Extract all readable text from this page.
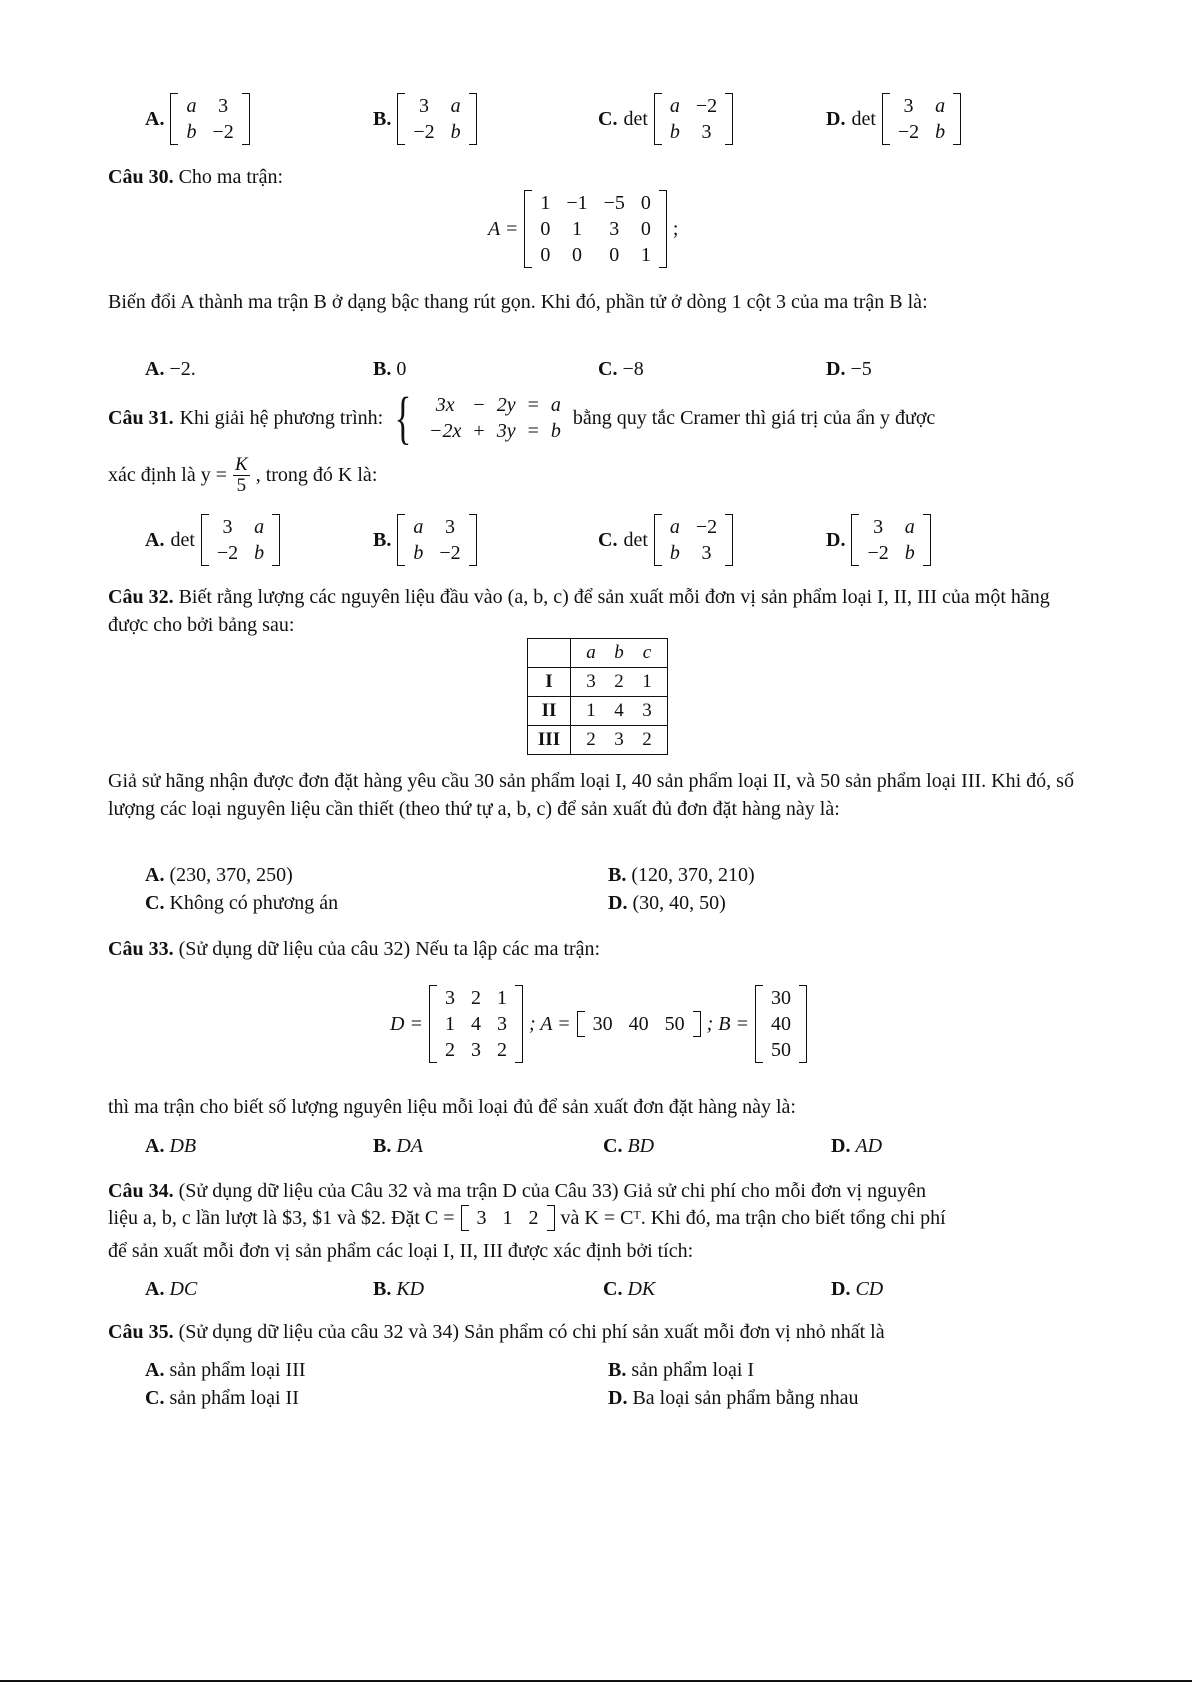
A.
a	3
b	−2
B.
3	a
−2	b
C. det
a	−2
b	3
D. det
3	a
−2	b
Câu 30. Cho ma trận:
A =
1	−1	−5	0
0	1	3	0
0	0	0	1
;
Biến đổi A thành ma trận B ở dạng bậc thang rút gọn. Khi đó, phần tử ở dòng 1 cột 3 của ma trận B là:
A. −2.	B. 0	C. −8	D. −5
Câu 31. Khi giải hệ phương trình: { 3x	−	2y	=	a
−2x	+	3y	=	b
bằng quy tắc Cramer thì giá trị của ẩn y được
xác định là $y = \frac{K}{5}$ , trong đó K là:
A. det
3	a
−2	b
B.
a	3
b	−2
C. det
a	−2
b	3
D.
3	a
−2	b
Câu 32. Biết rằng lượng các nguyên liệu đầu vào (a, b, c) để sản xuất mỗi đơn vị sản phẩm loại I, II, III của một hãng được cho bởi bảng sau:
	a b c
I	3 2 1
II	1 4 3
III	2 3 2
Giả sử hãng nhận được đơn đặt hàng yêu cầu 30 sản phẩm loại I, 40 sản phẩm loại II, và 50 sản phẩm loại III. Khi đó, số lượng các loại nguyên liệu cần thiết (theo thứ tự a, b, c) để sản xuất đủ đơn đặt hàng này là:
A. (230, 370, 250)	B. (120, 370, 210)
C. Không có phương án	D. (30, 40, 50)
Câu 33. (Sử dụng dữ liệu của câu 32) Nếu ta lập các ma trận:
D =
3	2	1
1	4	3
2	3	2
; A = 30	40	50 ; B =
30
40
50
thì ma trận cho biết số lượng nguyên liệu mỗi loại đủ để sản xuất đơn đặt hàng này là:
A. DB	B. DA	C. BD	D. AD
Câu 34. (Sử dụng dữ liệu của Câu 32 và ma trận D của Câu 33) Giả sử chi phí cho mỗi đơn vị nguyên
liệu a, b, c lần lượt là $3, $1 và $2. Đặt C = 3	1	2 và K = Cᵀ. Khi đó, ma trận cho biết tổng chi phí
để sản xuất mỗi đơn vị sản phẩm các loại I, II, III được xác định bởi tích:
A. DC	B. KD	C. DK	D. CD
Câu 35. (Sử dụng dữ liệu của câu 32 và 34) Sản phẩm có chi phí sản xuất mỗi đơn vị nhỏ nhất là
A. sản phẩm loại III	B. sản phẩm loại I
C. sản phẩm loại II	D. Ba loại sản phẩm bằng nhau
